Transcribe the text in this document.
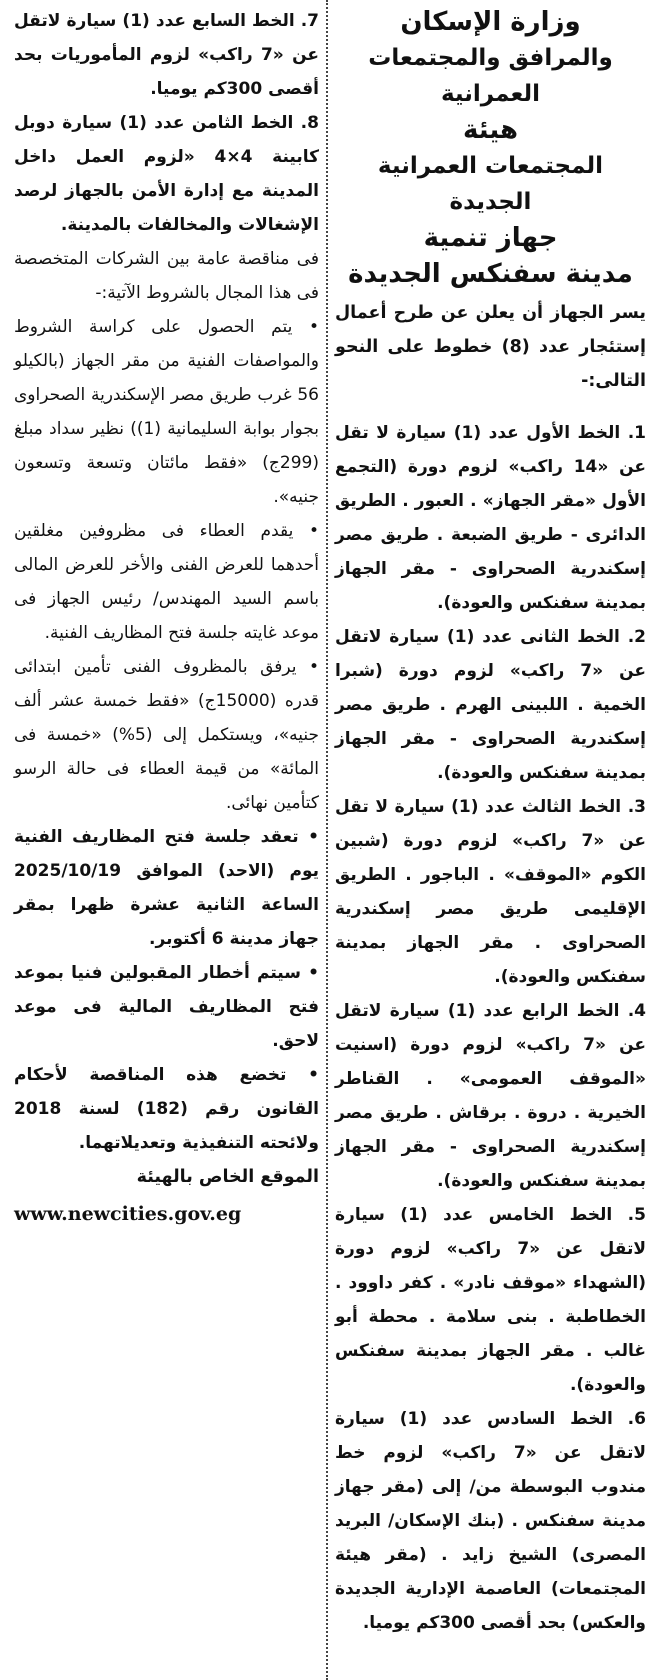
وزارة الإسكان
والمرافق والمجتمعات العمرانية
هيئة
المجتمعات العمرانية الجديدة
جهاز تنمية
مدينة سفنكس الجديدة

يسر الجهاز أن يعلن عن طرح أعمال إستئجار عدد (8) خطوط على النحو التالى:-

1. الخط الأول عدد (1) سيارة لا تقل عن «14 راكب» لزوم دورة (التجمع الأول «مقر الجهاز» . العبور . الطريق الدائرى - طريق الضبعة . طريق مصر إسكندرية الصحراوى - مقر الجهاز بمدينة سفنكس والعودة).

2. الخط الثانى عدد (1) سيارة لاتقل عن «7 راكب» لزوم دورة (شبرا الخمية . اللبينى الهرم . طريق مصر إسكندرية الصحراوى - مقر الجهاز بمدينة سفنكس والعودة).

3. الخط الثالث عدد (1) سيارة لا تقل عن «7 راكب» لزوم دورة (شبين الكوم «الموقف» . الباجور . الطريق الإقليمى طريق مصر إسكندرية الصحراوى . مقر الجهاز بمدينة سفنكس والعودة).

4. الخط الرابع عدد (1) سيارة لاتقل عن «7 راكب» لزوم دورة (اسنيت «الموقف العمومى» . القناطر الخيرية . دروة . برقاش . طريق مصر إسكندرية الصحراوى - مقر الجهاز بمدينة سفنكس والعودة).

5. الخط الخامس عدد (1) سيارة لاتقل عن «7 راكب» لزوم دورة (الشهداء «موقف نادر» . كفر داوود . الخطاطبة . بنى سلامة . محطة أبو غالب . مقر الجهاز بمدينة سفنكس والعودة).

6. الخط السادس عدد (1) سيارة لاتقل عن «7 راكب» لزوم خط مندوب البوسطة من/ إلى (مقر جهاز مدينة سفنكس . (بنك الإسكان/ البريد المصرى) الشيخ زايد . (مقر هيئة المجتمعات) العاصمة الإدارية الجديدة والعكس) بحد أقصى 300كم يوميا.

7. الخط السابع عدد (1) سيارة لاتقل عن «7 راكب» لزوم المأموريات بحد أقصى 300كم يوميا.

8. الخط الثامن عدد (1) سيارة دوبل كابينة 4×4 «لزوم العمل داخل المدينة مع إدارة الأمن بالجهاز لرصد الإشغالات والمخالفات بالمدينة.

فى مناقصة عامة بين الشركات المتخصصة فى هذا المجال بالشروط الآتية:-

• يتم الحصول على كراسة الشروط والمواصفات الفنية من مقر الجهاز (بالكيلو 56 غرب طريق مصر الإسكندرية الصحراوى بجوار بوابة السليمانية (1)) نظير سداد مبلغ (299ج) «فقط مائتان وتسعة وتسعون جنيه».

• يقدم العطاء فى مظروفين مغلقين أحدهما للعرض الفنى والأخر للعرض المالى باسم السيد المهندس/ رئيس الجهاز فى موعد غايته جلسة فتح المظاريف الفنية.

• يرفق بالمظروف الفنى تأمين ابتدائى قدره (15000ج) «فقط خمسة عشر ألف جنيه»، ويستكمل إلى (5%) «خمسة فى المائة» من قيمة العطاء فى حالة الرسو كتأمين نهائى.

• تعقد جلسة فتح المظاريف الفنية يوم (الاحد) الموافق 2025/10/19 الساعة الثانية عشرة ظهرا بمقر جهاز مدينة 6 أكتوبر.

• سيتم أخطار المقبولين فنيا بموعد فتح المظاريف المالية فى موعد لاحق.

• تخضع هذه المناقصة لأحكام القانون رقم (182) لسنة 2018 ولائحته التنفيذية وتعديلاتهما.

الموقع الخاص بالهيئة
www.newcities.gov.eg
